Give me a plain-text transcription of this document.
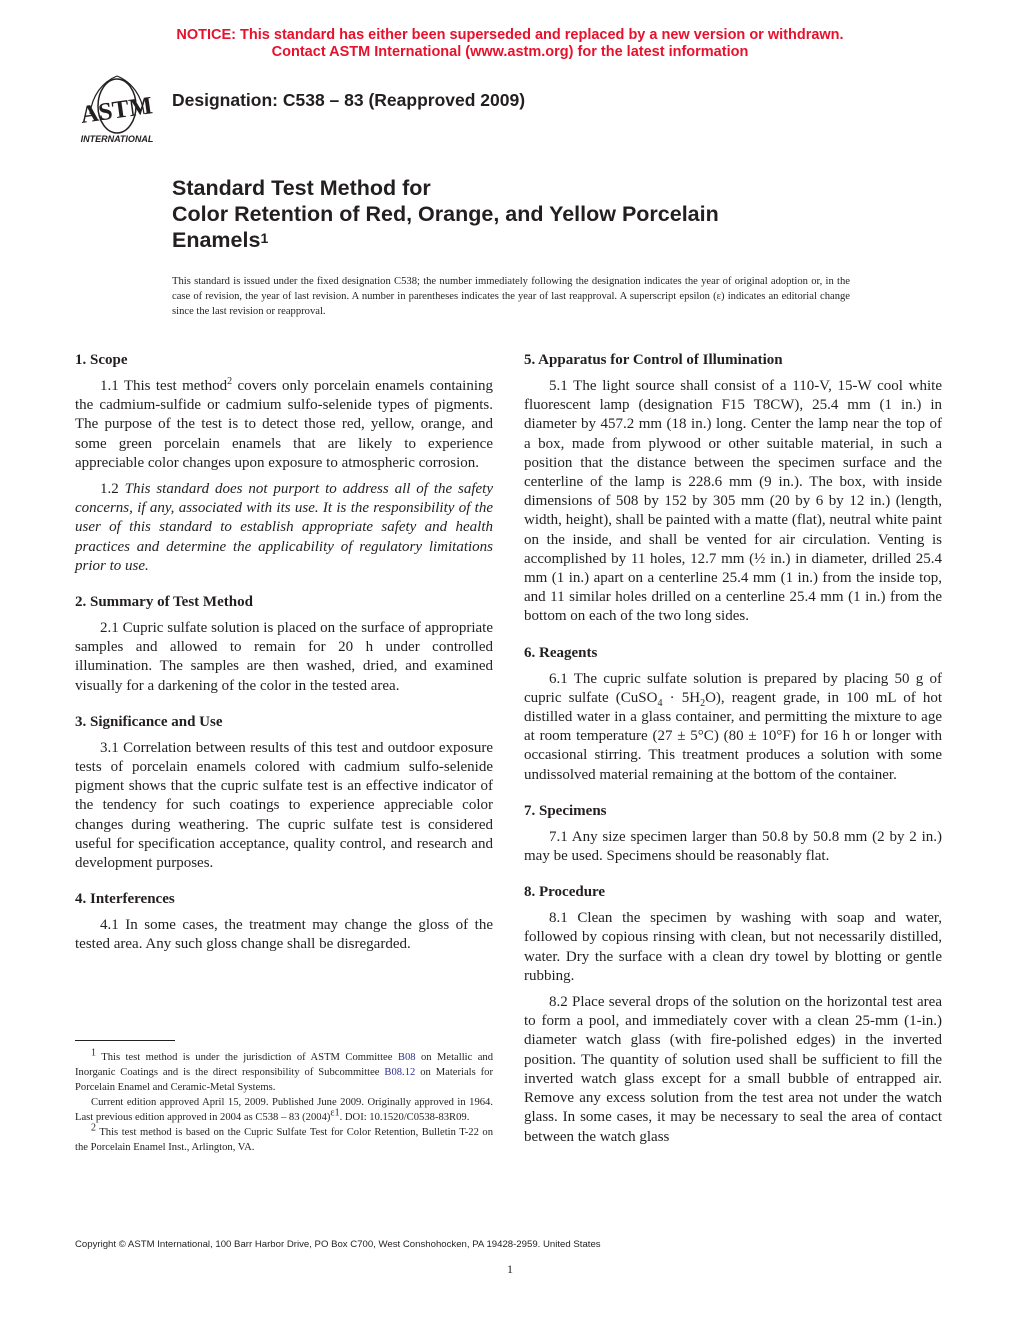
NOTICE: This standard has either been superseded and replaced by a new version or withdrawn.
Contact ASTM International (www.astm.org) for the latest information
ASTM
INTERNATIONAL
Designation: C538 – 83 (Reapproved 2009)
Standard Test Method for
Color Retention of Red, Orange, and Yellow Porcelain
Enamels$^1$
This standard is issued under the fixed designation C538; the number immediately following the designation indicates the year of original adoption or, in the case of revision, the year of last revision. A number in parentheses indicates the year of last reapproval. A superscript epsilon (ε) indicates an editorial change since the last revision or reapproval.
1. Scope

1.1 This test method$^2$ covers only porcelain enamels containing the cadmium-sulfide or cadmium sulfo-selenide types of pigments. The purpose of the test is to detect those red, yellow, orange, and some green porcelain enamels that are likely to experience appreciable color changes upon exposure to atmospheric corrosion.

1.2 This standard does not purport to address all of the safety concerns, if any, associated with its use. It is the responsibility of the user of this standard to establish appropriate safety and health practices and determine the applicability of regulatory limitations prior to use.

2. Summary of Test Method

2.1 Cupric sulfate solution is placed on the surface of appropriate samples and allowed to remain for 20 h under controlled illumination. The samples are then washed, dried, and examined visually for a darkening of the color in the tested area.

3. Significance and Use

3.1 Correlation between results of this test and outdoor exposure tests of porcelain enamels colored with cadmium sulfo-selenide pigment shows that the cupric sulfate test is an effective indicator of the tendency for such coatings to experience appreciable color changes during weathering. The cupric sulfate test is considered useful for specification acceptance, quality control, and research and development purposes.

4. Interferences

4.1 In some cases, the treatment may change the gloss of the tested area. Any such gloss change shall be disregarded.

5. Apparatus for Control of Illumination

5.1 The light source shall consist of a 110-V, 15-W cool white fluorescent lamp (designation F15 T8CW), 25.4 mm (1 in.) in diameter by 457.2 mm (18 in.) long. Center the lamp near the top of a box, made from plywood or other suitable material, in such a position that the distance between the specimen surface and the centerline of the lamp is 228.6 mm (9 in.). The box, with inside dimensions of 508 by 152 by 305 mm (20 by 6 by 12 in.) (length, width, height), shall be painted with a matte (flat), neutral white paint on the inside, and shall be vented for air circulation. Venting is accomplished by 11 holes, 12.7 mm (½ in.) in diameter, drilled 25.4 mm (1 in.) apart on a centerline 25.4 mm (1 in.) from the inside top, and 11 similar holes drilled on a centerline 25.4 mm (1 in.) from the bottom on each of the two long sides.

6. Reagents

6.1 The cupric sulfate solution is prepared by placing 50 g of cupric sulfate (CuSO$_4$ · $5H_2O$), reagent grade, in 100 mL of hot distilled water in a glass container, and permitting the mixture to age at room temperature (27 ± 5°C) (80 ± 10°F) for 16 h or longer with occasional stirring. This treatment produces a solution with some undissolved material remaining at the bottom of the container.

7. Specimens

7.1 Any size specimen larger than 50.8 by 50.8 mm (2 by 2 in.) may be used. Specimens should be reasonably flat.

8. Procedure

8.1 Clean the specimen by washing with soap and water, followed by copious rinsing with clean, but not necessarily distilled, water. Dry the surface with a clean dry towel by blotting or gentle rubbing.

8.2 Place several drops of the solution on the horizontal test area to form a pool, and immediately cover with a clean 25-mm (1-in.) diameter watch glass (with fire-polished edges) in the inverted position. The quantity of solution used shall be sufficient to fill the inverted watch glass except for a small bubble of entrapped air. Remove any excess solution from the test area not under the watch glass. In some cases, it may be necessary to seal the area of contact between the watch glass

$^1$ This test method is under the jurisdiction of ASTM Committee B08 on Metallic and Inorganic Coatings and is the direct responsibility of Subcommittee B08.12 on Materials for Porcelain Enamel and Ceramic-Metal Systems.

Current edition approved April 15, 2009. Published June 2009. Originally approved in 1964. Last previous edition approved in 2004 as C538 – 83 $(2004)^{\varepsilon 1}$. DOI: 10.1520/C0538-83R09.

$^2$ This test method is based on the Cupric Sulfate Test for Color Retention, Bulletin T-22 on the Porcelain Enamel Inst., Arlington, VA.

Copyright © ASTM International, 100 Barr Harbor Drive, PO Box C700, West Conshohocken, PA 19428-2959. United States
1
